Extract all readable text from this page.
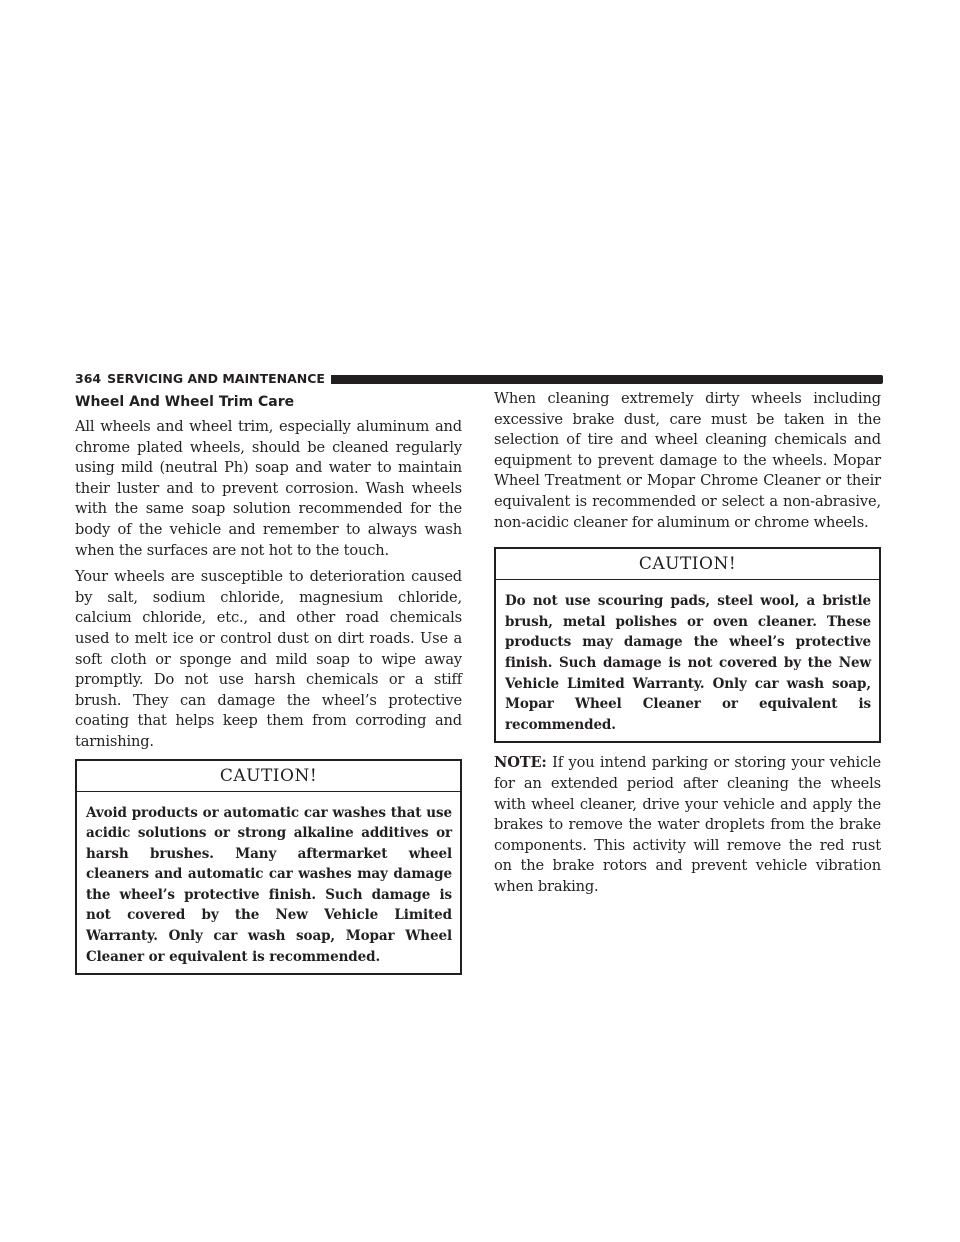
364 SERVICING AND MAINTENANCE
Wheel And Wheel Trim Care

All wheels and wheel trim, especially aluminum and chrome plated wheels, should be cleaned regularly using mild (neutral Ph) soap and water to maintain their luster and to prevent corrosion. Wash wheels with the same soap solution recommended for the body of the vehicle and remember to always wash when the surfaces are not hot to the touch.

Your wheels are susceptible to deterioration caused by salt, sodium chloride, magnesium chloride, calcium chloride, etc., and other road chemicals used to melt ice or control dust on dirt roads. Use a soft cloth or sponge and mild soap to wipe away promptly. Do not use harsh chemicals or a stiff brush. They can damage the wheel’s protective coating that helps keep them from corroding and tarnishing.

CAUTION!
Avoid products or automatic car washes that use acidic solutions or strong alkaline additives or harsh brushes. Many aftermarket wheel cleaners and automatic car washes may damage the wheel’s protective finish. Such damage is not covered by the New Vehicle Limited Warranty. Only car wash soap, Mopar Wheel Cleaner or equivalent is recommended.

When cleaning extremely dirty wheels including excessive brake dust, care must be taken in the selection of tire and wheel cleaning chemicals and equipment to prevent damage to the wheels. Mopar Wheel Treatment or Mopar Chrome Cleaner or their equivalent is recommended or select a non-abrasive, non-acidic cleaner for aluminum or chrome wheels.

CAUTION!
Do not use scouring pads, steel wool, a bristle brush, metal polishes or oven cleaner. These products may damage the wheel’s protective finish. Such damage is not covered by the New Vehicle Limited Warranty. Only car wash soap, Mopar Wheel Cleaner or equivalent is recommended.

NOTE: If you intend parking or storing your vehicle for an extended period after cleaning the wheels with wheel cleaner, drive your vehicle and apply the brakes to remove the water droplets from the brake components. This activity will remove the red rust on the brake rotors and prevent vehicle vibration when braking.
